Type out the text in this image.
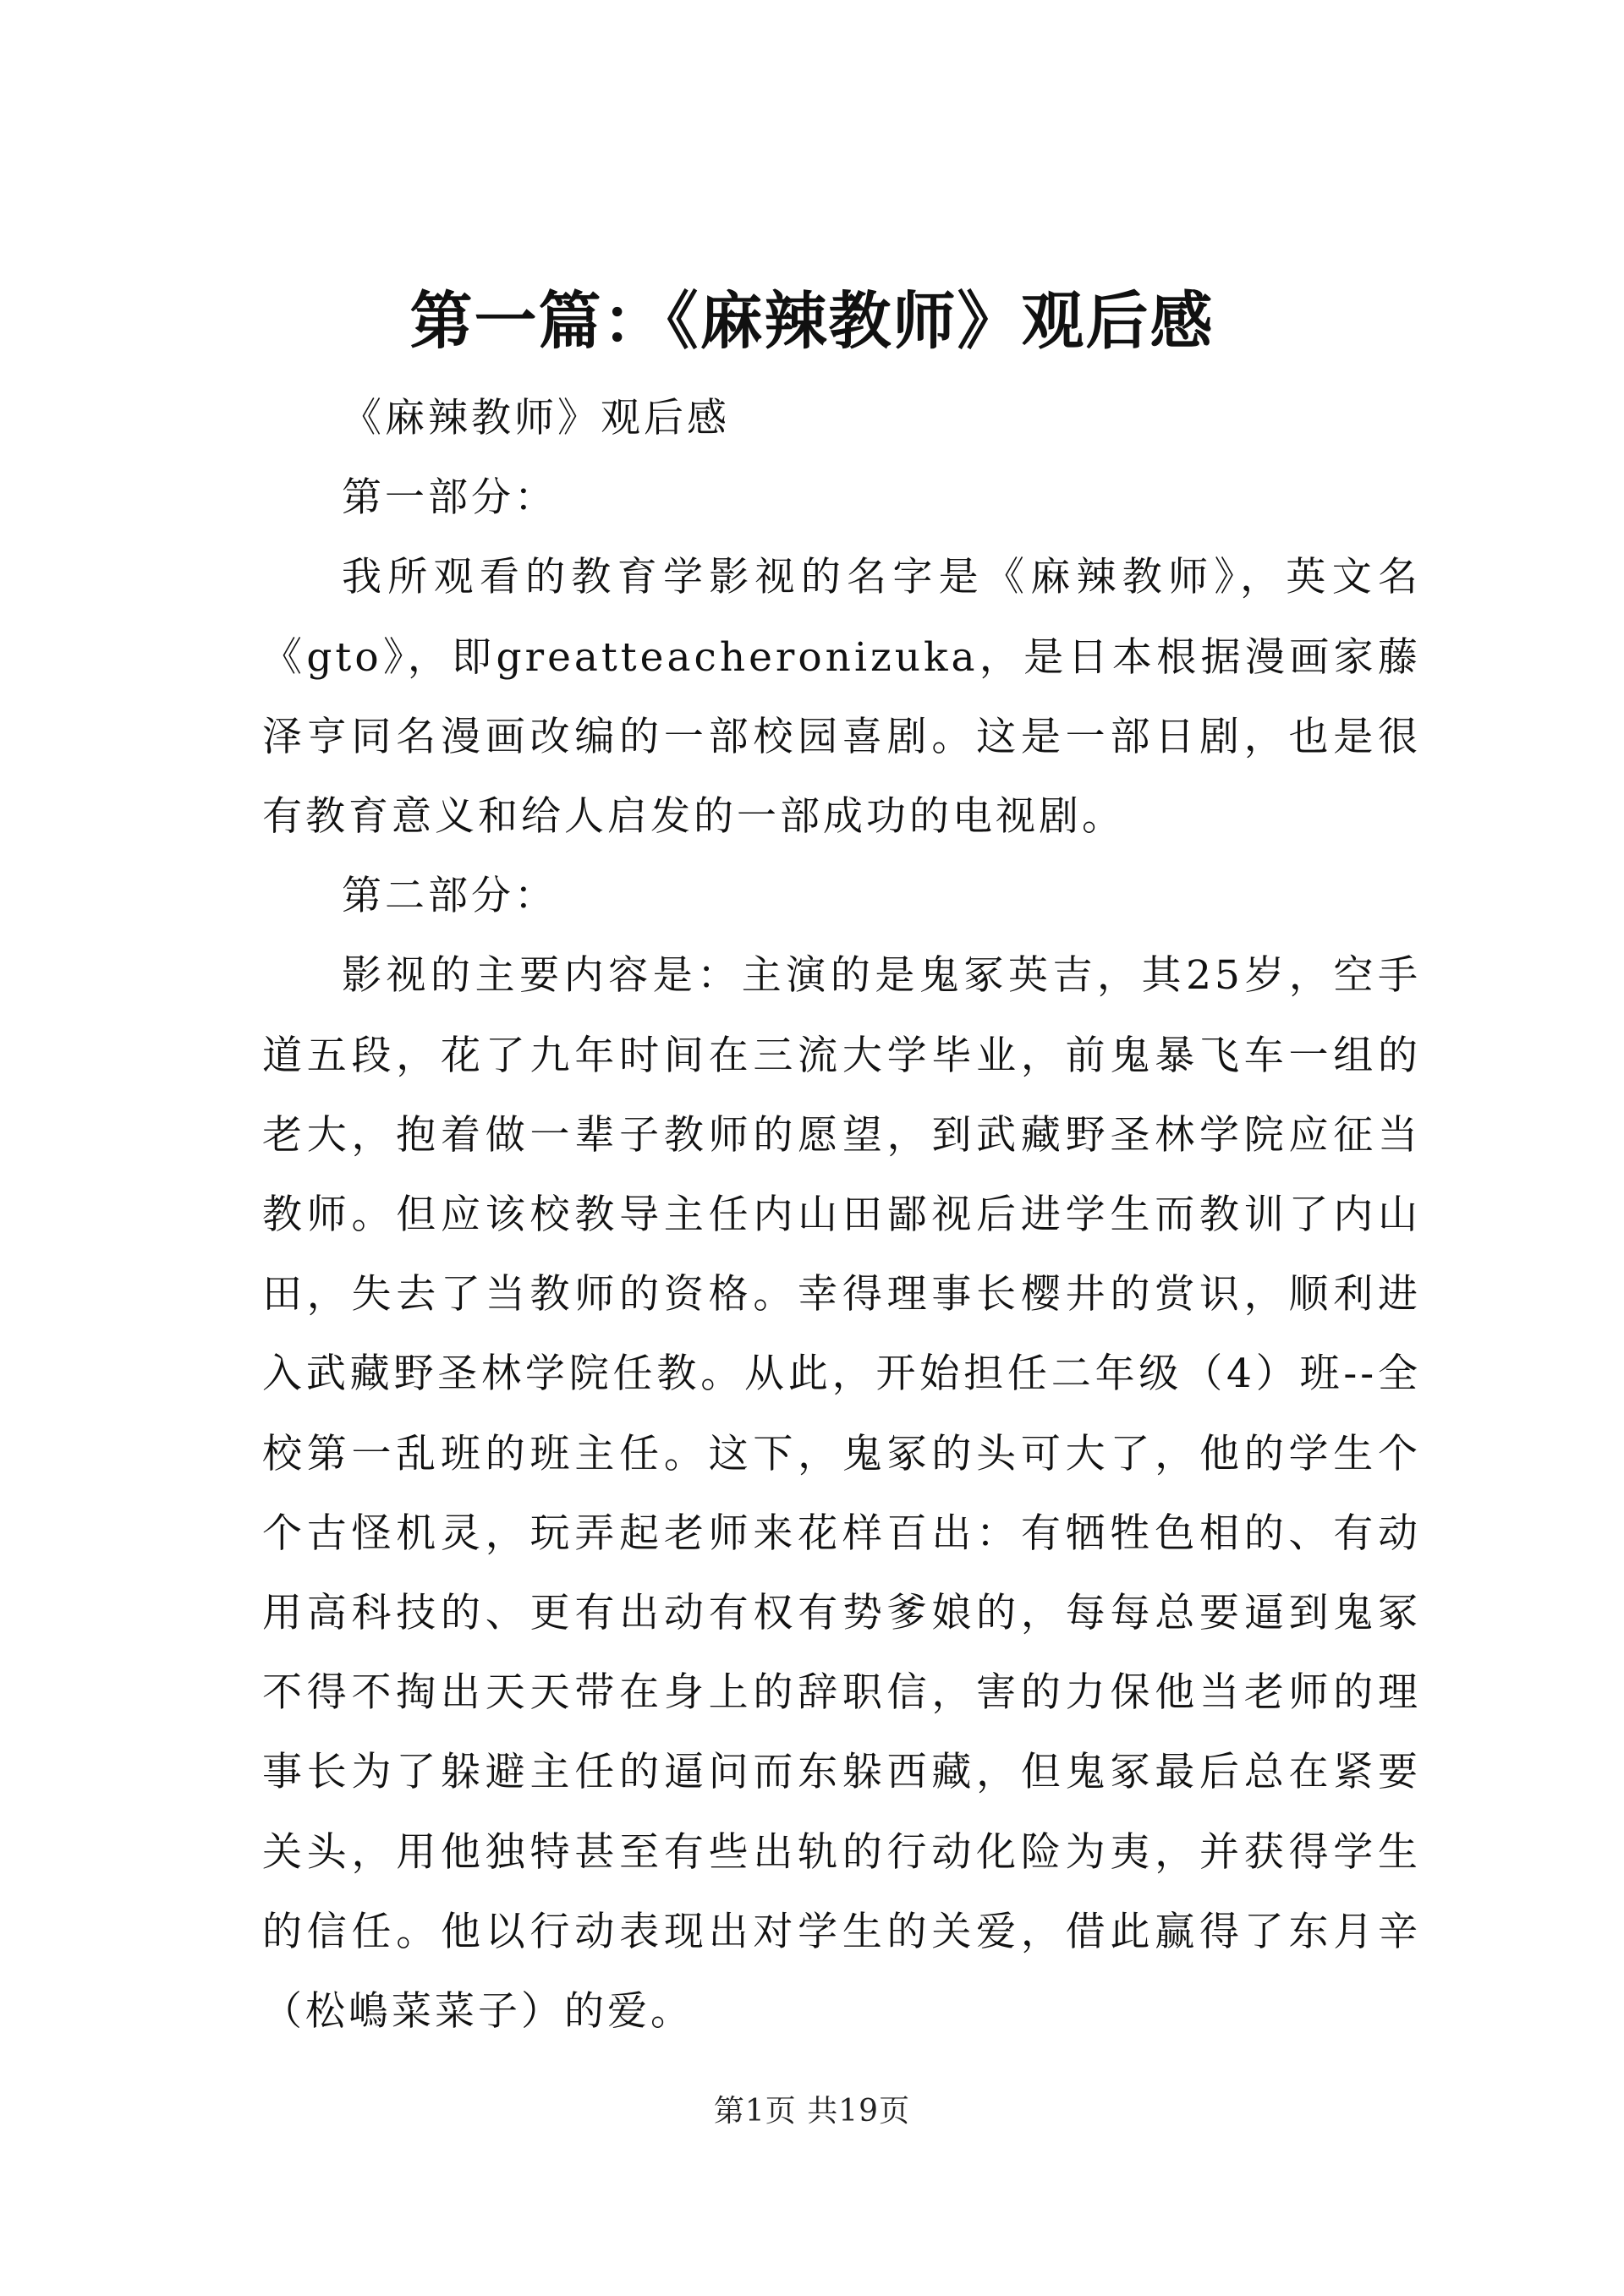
第一篇：《麻辣教师》观后感

《麻辣教师》观后感

第一部分：

我所观看的教育学影视的名字是《麻辣教师》，英文名《gto》，即greatteacheronizuka，是日本根据漫画家藤泽亨同名漫画改编的一部校园喜剧。这是一部日剧，也是很有教育意义和给人启发的一部成功的电视剧。

第二部分：

影视的主要内容是：主演的是鬼冢英吉，其25岁，空手道五段，花了九年时间在三流大学毕业，前鬼暴飞车一组的老大，抱着做一辈子教师的愿望，到武藏野圣林学院应征当教师。但应该校教导主任内山田鄙视后进学生而教训了内山田，失去了当教师的资格。幸得理事长樱井的赏识，顺利进入武藏野圣林学院任教。从此，开始担任二年级（4）班--全校第一乱班的班主任。这下，鬼冢的头可大了，他的学生个个古怪机灵，玩弄起老师来花样百出：有牺牲色相的、有动用高科技的、更有出动有权有势爹娘的，每每总要逼到鬼冢不得不掏出天天带在身上的辞职信，害的力保他当老师的理事长为了躲避主任的逼问而东躲西藏，但鬼冢最后总在紧要关头，用他独特甚至有些出轨的行动化险为夷，并获得学生的信任。他以行动表现出对学生的关爱，借此赢得了东月辛（松嶋菜菜子）的爱。

第1页 共19页
